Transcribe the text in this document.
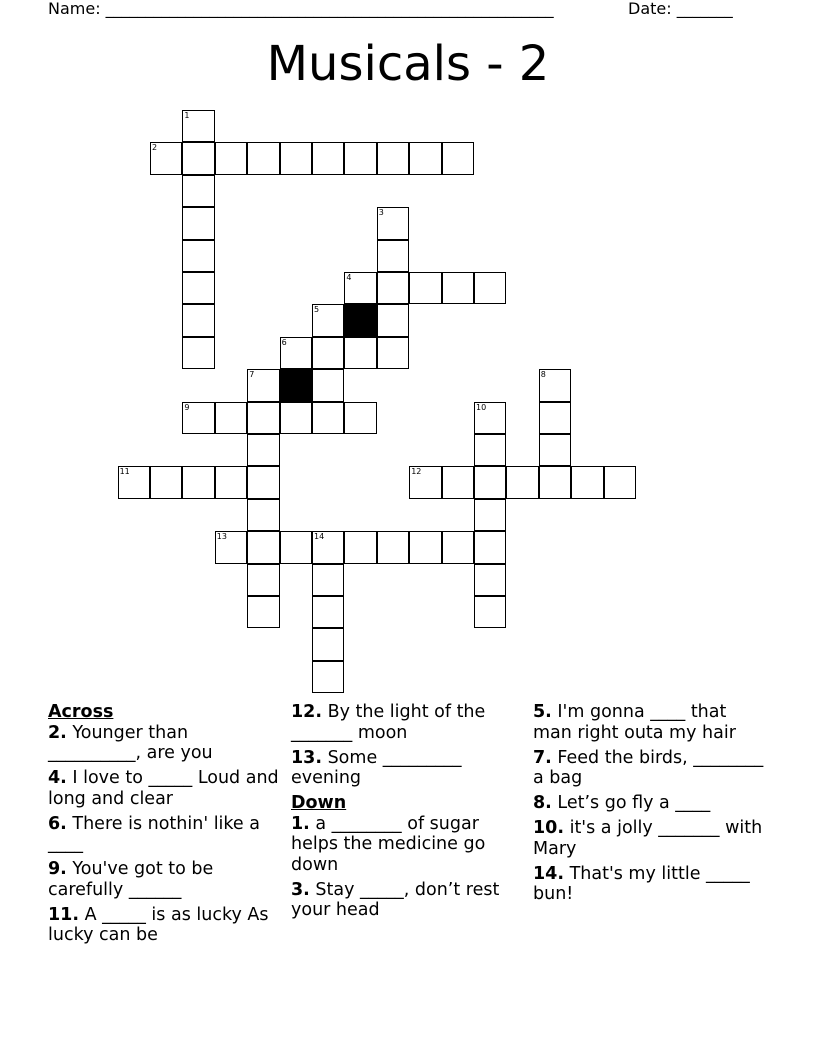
Name: ________________________________________________________	Date: _______
Musicals - 2
1
2
3
4
5
6
7	8
9	10
11	12
13	14

Across

2. Younger than __________, are you

4. I love to _____ Loud and long and clear

6. There is nothin' like a ____

9. You've got to be carefully ______

11. A _____ is as lucky As lucky can be

12. By the light of the _______ moon

13. Some _________ evening

Down

1. a ________ of sugar helps the medicine go down

3. Stay _____, don’t rest your head

5. I'm gonna ____ that man right outa my hair

7. Feed the birds, ________ a bag

8. Let’s go fly a ____

10. it's a jolly _______ with Mary

14. That's my little _____ bun!
